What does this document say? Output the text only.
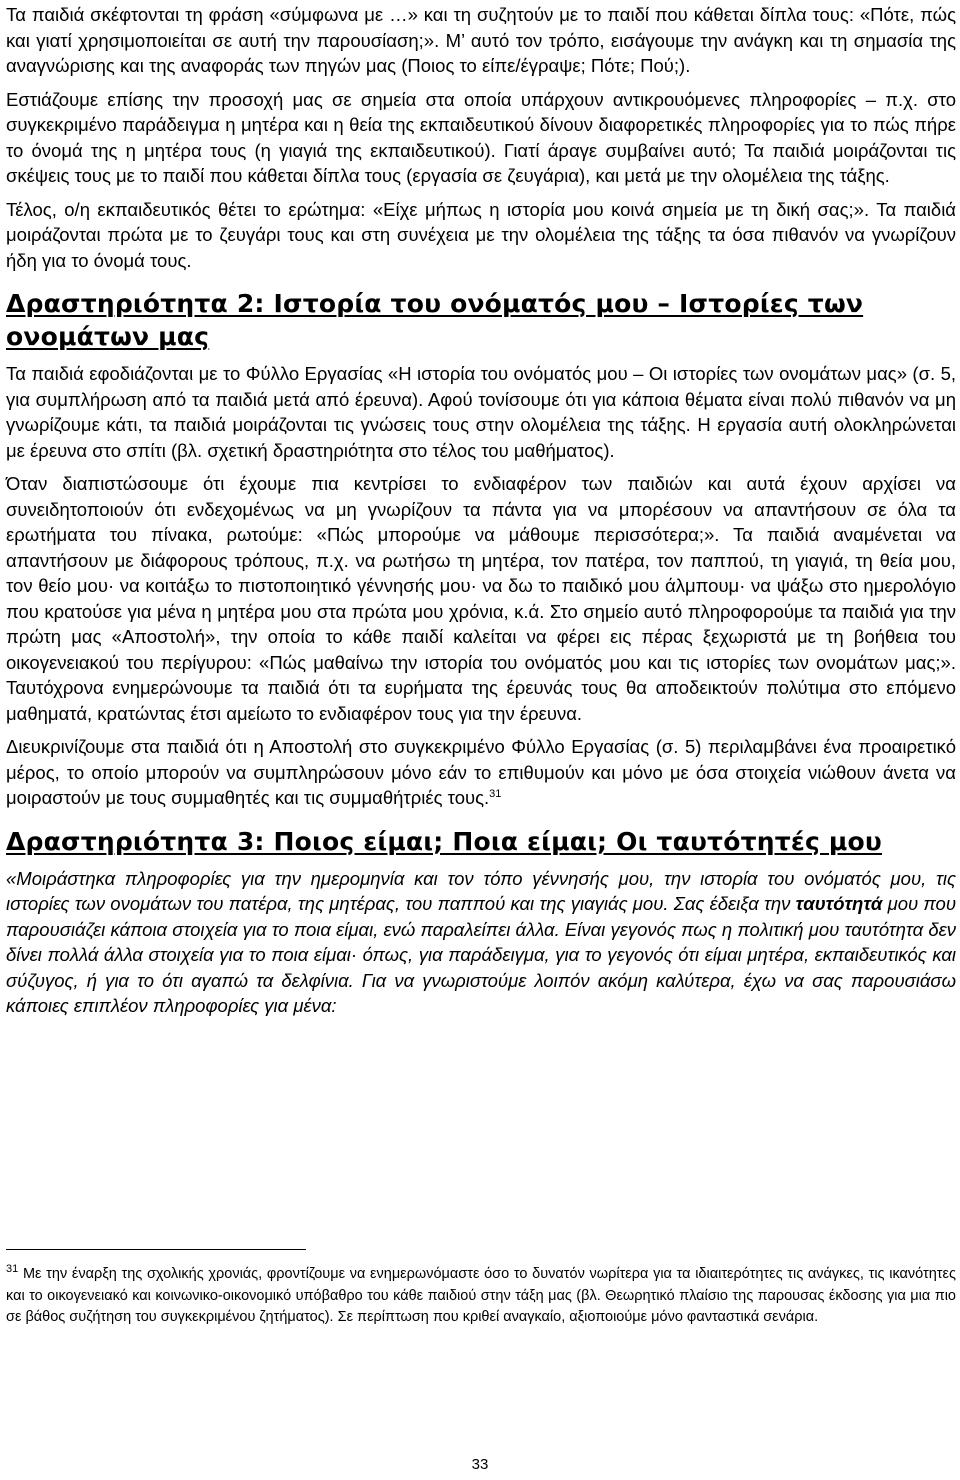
Τα παιδιά σκέφτονται τη φράση «σύμφωνα με …» και τη συζητούν με το παιδί που κάθεται δίπλα τους: «Πότε, πώς και γιατί χρησιμοποιείται σε αυτή την παρουσίαση;». Μ’ αυτό τον τρόπο, εισάγουμε την ανάγκη και τη σημασία της αναγνώρισης και της αναφοράς των πηγών μας (Ποιος το είπε/έγραψε; Πότε; Πού;).

Εστιάζουμε επίσης την προσοχή μας σε σημεία στα οποία υπάρχουν αντικρουόμενες πληροφορίες – π.χ. στο συγκεκριμένο παράδειγμα η μητέρα και η θεία της εκπαιδευτικού δίνουν διαφορετικές πληροφορίες για το πώς πήρε το όνομά της η μητέρα τους (η γιαγιά της εκπαιδευτικού). Γιατί άραγε συμβαίνει αυτό; Τα παιδιά μοιράζονται τις σκέψεις τους με το παιδί που κάθεται δίπλα τους (εργασία σε ζευγάρια), και μετά με την ολομέλεια της τάξης.

Τέλος, ο/η εκπαιδευτικός θέτει το ερώτημα: «Είχε μήπως η ιστορία μου κοινά σημεία με τη δική σας;». Τα παιδιά μοιράζονται πρώτα με το ζευγάρι τους και στη συνέχεια με την ολομέλεια της τάξης τα όσα πιθανόν να γνωρίζουν ήδη για το όνομά τους.

Δραστηριότητα 2: Ιστορία του ονόματός μου – Ιστορίες των ονομάτων μας

Τα παιδιά εφοδιάζονται με το Φύλλο Εργασίας «Η ιστορία του ονόματός μου – Οι ιστορίες των ονομάτων μας» (σ. 5, για συμπλήρωση από τα παιδιά μετά από έρευνα). Αφού τονίσουμε ότι για κάποια θέματα είναι πολύ πιθανόν να μη γνωρίζουμε κάτι, τα παιδιά μοιράζονται τις γνώσεις τους στην ολομέλεια της τάξης. Η εργασία αυτή ολοκληρώνεται με έρευνα στο σπίτι (βλ. σχετική δραστηριότητα στο τέλος του μαθήματος).

Όταν διαπιστώσουμε ότι έχουμε πια κεντρίσει το ενδιαφέρον των παιδιών και αυτά έχουν αρχίσει να συνειδητοποιούν ότι ενδεχομένως να μη γνωρίζουν τα πάντα για να μπορέσουν να απαντήσουν σε όλα τα ερωτήματα του πίνακα, ρωτούμε: «Πώς μπορούμε να μάθουμε περισσότερα;». Τα παιδιά αναμένεται να απαντήσουν με διάφορους τρόπους, π.χ. να ρωτήσω τη μητέρα, τον πατέρα, τον παππού, τη γιαγιά, τη θεία μου, τον θείο μου· να κοιτάξω το πιστοποιητικό γέννησής μου· να δω το παιδικό μου άλμπουμ· να ψάξω στο ημερολόγιο που κρατούσε για μένα η μητέρα μου στα πρώτα μου χρόνια, κ.ά. Στο σημείο αυτό πληροφορούμε τα παιδιά για την πρώτη μας «Αποστολή», την οποία το κάθε παιδί καλείται να φέρει εις πέρας ξεχωριστά με τη βοήθεια του οικογενειακού του περίγυρου: «Πώς μαθαίνω την ιστορία του ονόματός μου και τις ιστορίες των ονομάτων μας;». Ταυτόχρονα ενημερώνουμε τα παιδιά ότι τα ευρήματα της έρευνάς τους θα αποδεικτούν πολύτιμα στο επόμενο μαθηματά, κρατώντας έτσι αμείωτο το ενδιαφέρον τους για την έρευνα.

Διευκρινίζουμε στα παιδιά ότι η Αποστολή στο συγκεκριμένο Φύλλο Εργασίας (σ. 5) περιλαμβάνει ένα προαιρετικό μέρος, το οποίο μπορούν να συμπληρώσουν μόνο εάν το επιθυμούν και μόνο με όσα στοιχεία νιώθουν άνετα να μοιραστούν με τους συμμαθητές και τις συμμαθήτριές τους.$^{31}$

Δραστηριότητα 3: Ποιος είμαι; Ποια είμαι; Οι ταυτότητές μου

«Μοιράστηκα πληροφορίες για την ημερομηνία και τον τόπο γέννησής μου, την ιστορία του ονόματός μου, τις ιστορίες των ονομάτων του πατέρα, της μητέρας, του παππού και της γιαγιάς μου. Σας έδειξα την ταυτότητά μου που παρουσιάζει κάποια στοιχεία για το ποια είμαι, ενώ παραλείπει άλλα. Είναι γεγονός πως η πολιτική μου ταυτότητα δεν δίνει πολλά άλλα στοιχεία για το ποια είμαι· όπως, για παράδειγμα, για το γεγονός ότι είμαι μητέρα, εκπαιδευτικός και σύζυγος, ή για το ότι αγαπώ τα δελφίνια. Για να γνωριστούμε λοιπόν ακόμη καλύτερα, έχω να σας παρουσιάσω κάποιες επιπλέον πληροφορίες για μένα:

$^{31}$ Με την έναρξη της σχολικής χρονιάς, φροντίζουμε να ενημερωνόμαστε όσο το δυνατόν νωρίτερα για τα ιδιαιτερότητες τις ανάγκες, τις ικανότητες και το οικογενειακό και κοινωνικο-οικονομικό υπόβαθρο του κάθε παιδιού στην τάξη μας (βλ. Θεωρητικό πλαίσιο της παρουσας έκδοσης για μια πιο σε βάθος συζήτηση του συγκεκριμένου ζητήματος). Σε περίπτωση που κριθεί αναγκαίο, αξιοποιούμε μόνο φανταστικά σενάρια.

33
